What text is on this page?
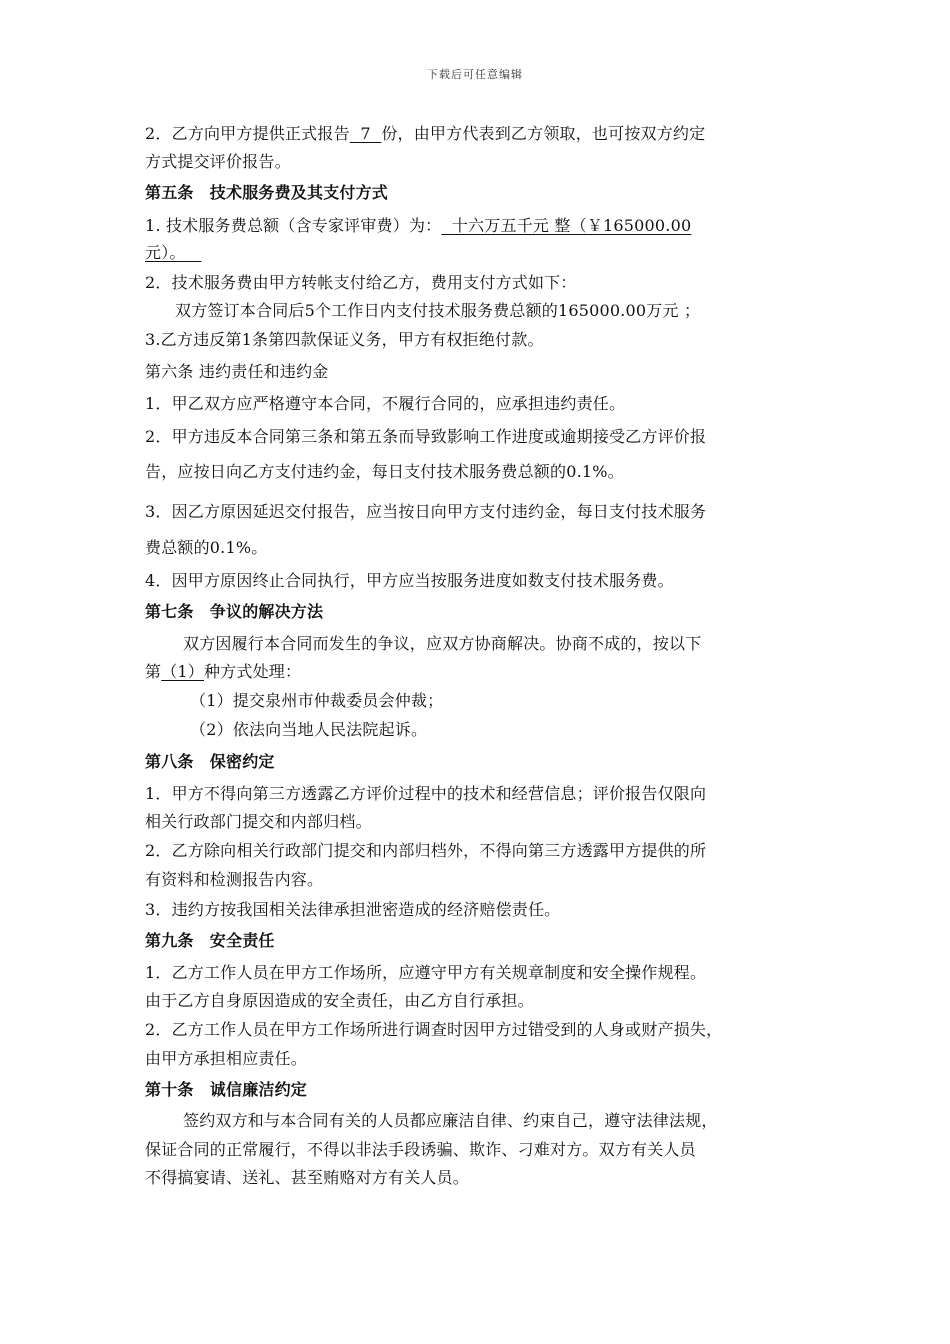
下载后可任意编辑
2．乙方向甲方提供正式报告  7  份，由甲方代表到乙方领取，也可按双方约定
方式提交评价报告。
第五条　技术服务费及其支付方式
1. 技术服务费总额（含专家评审费）为：  十六万五千元 整（￥165000.00
元）。
2．技术服务费由甲方转帐支付给乙方，费用支付方式如下：
双方签订本合同后5个工作日内支付技术服务费总额的165000.00万元 ；
3.乙方违反第1条第四款保证义务，甲方有权拒绝付款。
第六条 违约责任和违约金
1．甲乙双方应严格遵守本合同，不履行合同的，应承担违约责任。
2．甲方违反本合同第三条和第五条而导致影响工作进度或逾期接受乙方评价报
告，应按日向乙方支付违约金，每日支付技术服务费总额的0.1%。
3．因乙方原因延迟交付报告，应当按日向甲方支付违约金，每日支付技术服务
费总额的0.1%。
4．因甲方原因终止合同执行，甲方应当按服务进度如数支付技术服务费。
第七条　争议的解决方法
双方因履行本合同而发生的争议，应双方协商解决。协商不成的，按以下
第（1）种方式处理：
（1）提交泉州市仲裁委员会仲裁；
（2）依法向当地人民法院起诉。
第八条　保密约定
1．甲方不得向第三方透露乙方评价过程中的技术和经营信息；评价报告仅限向
相关行政部门提交和内部归档。
2．乙方除向相关行政部门提交和内部归档外，不得向第三方透露甲方提供的所
有资料和检测报告内容。
3．违约方按我国相关法律承担泄密造成的经济赔偿责任。
第九条　安全责任
1．乙方工作人员在甲方工作场所，应遵守甲方有关规章制度和安全操作规程。
由于乙方自身原因造成的安全责任，由乙方自行承担。
2．乙方工作人员在甲方工作场所进行调查时因甲方过错受到的人身或财产损失，
由甲方承担相应责任。
第十条　诚信廉洁约定
签约双方和与本合同有关的人员都应廉洁自律、约束自己，遵守法律法规，
保证合同的正常履行，不得以非法手段诱骗、欺诈、刁难对方。双方有关人员
不得搞宴请、送礼、甚至贿赂对方有关人员。
